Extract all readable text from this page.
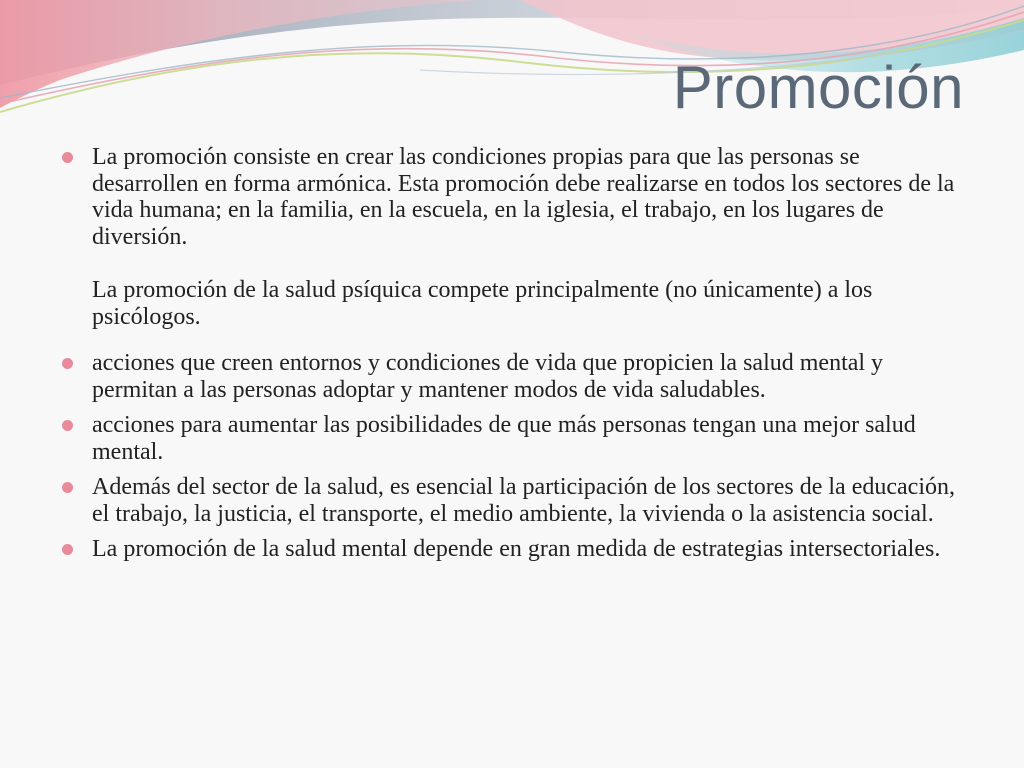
Promoción
La promoción consiste en crear las condiciones propias para que las personas se desarrollen en forma armónica. Esta promoción debe realizarse en todos los sectores de la vida humana; en la familia, en la escuela, en la iglesia, el trabajo, en los lugares de diversión.
La promoción de la salud psíquica compete principalmente (no únicamente) a los psicólogos.
acciones que creen entornos y condiciones de vida que propicien la salud mental y permitan a las personas adoptar y mantener modos de vida saludables.
acciones para aumentar las posibilidades de que más personas tengan una mejor salud mental.
Además del sector de la salud, es esencial la participación de los sectores de la educación, el trabajo, la justicia, el transporte, el medio ambiente, la vivienda o la asistencia social.
La promoción de la salud mental depende en gran medida de estrategias intersectoriales.
